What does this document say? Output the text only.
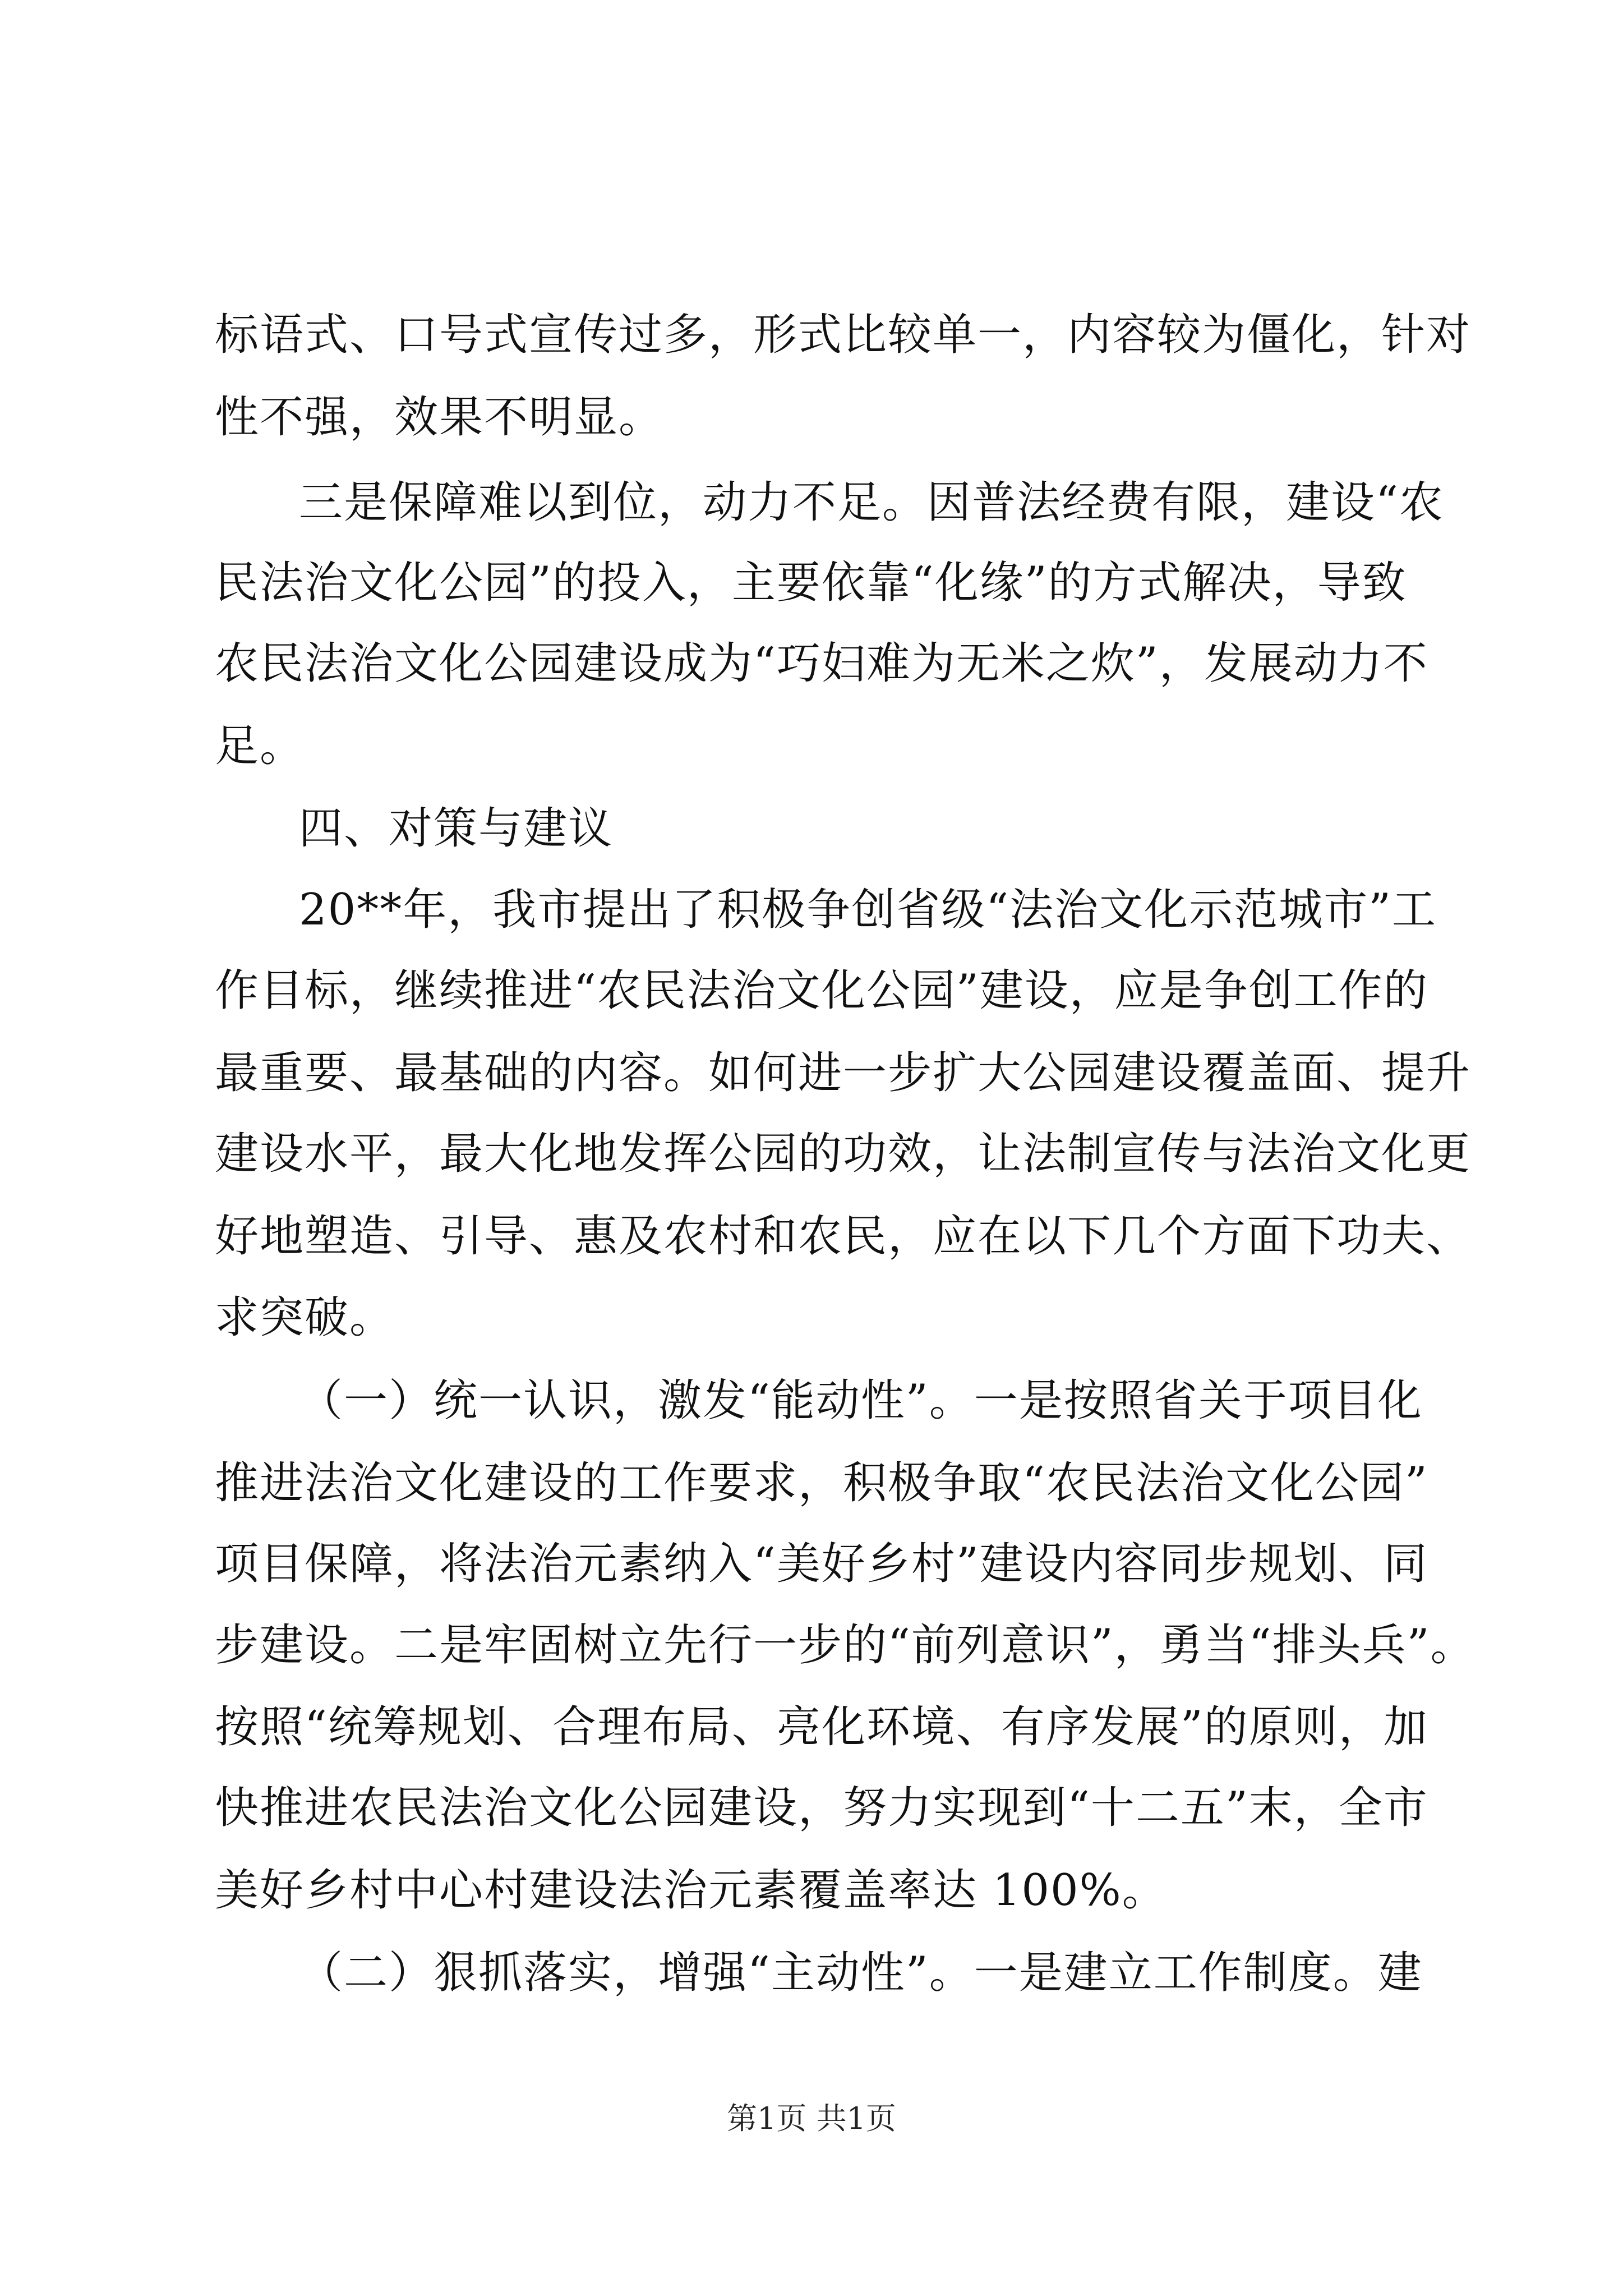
标语式、口号式宣传过多，形式比较单一，内容较为僵化，针对
性不强，效果不明显。
三是保障难以到位，动力不足。因普法经费有限，建设“农
民法治文化公园”的投入，主要依靠“化缘”的方式解决，导致
农民法治文化公园建设成为“巧妇难为无米之炊”，发展动力不
足。
四、对策与建议
20**年，我市提出了积极争创省级“法治文化示范城市”工
作目标，继续推进“农民法治文化公园”建设，应是争创工作的
最重要、最基础的内容。如何进一步扩大公园建设覆盖面、提升
建设水平，最大化地发挥公园的功效，让法制宣传与法治文化更
好地塑造、引导、惠及农村和农民，应在以下几个方面下功夫、
求突破。
（一）统一认识，激发“能动性”。一是按照省关于项目化
推进法治文化建设的工作要求，积极争取“农民法治文化公园”
项目保障，将法治元素纳入“美好乡村”建设内容同步规划、同
步建设。二是牢固树立先行一步的“前列意识”，勇当“排头兵”。
按照“统筹规划、合理布局、亮化环境、有序发展”的原则，加
快推进农民法治文化公园建设，努力实现到“十二五”末，全市
美好乡村中心村建设法治元素覆盖率达 100%。
（二）狠抓落实，增强“主动性”。一是建立工作制度。建
第1页 共1页
